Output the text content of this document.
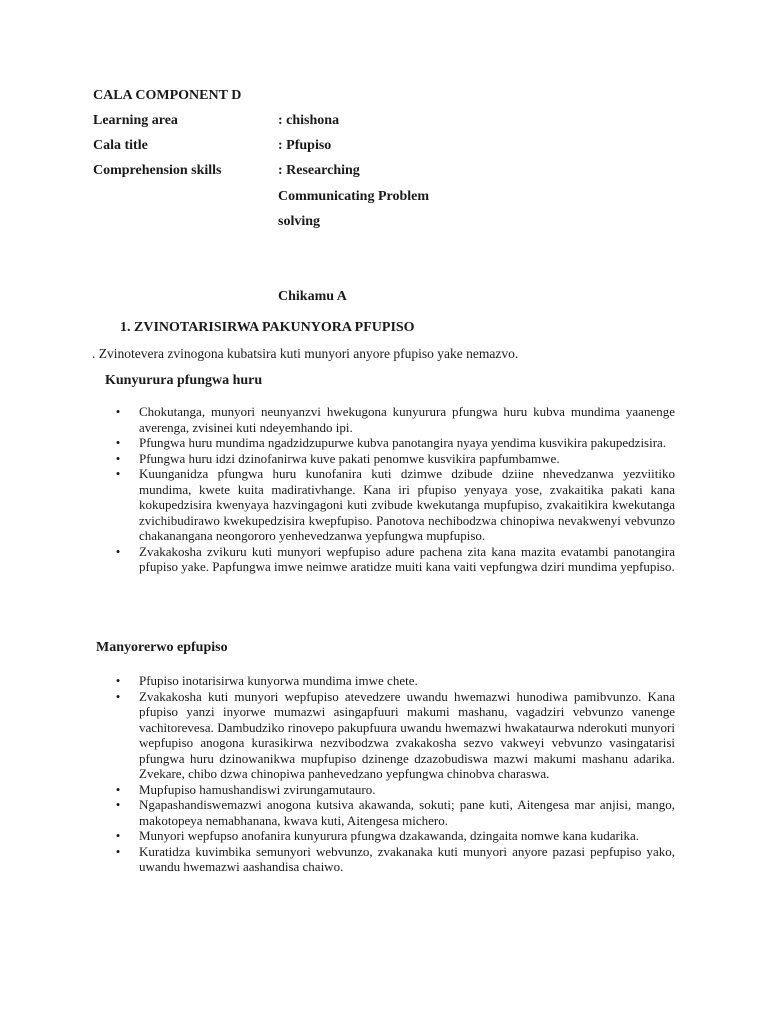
CALA COMPONENT D
Learning area	: chishona
Cala title	: Pfupiso
Comprehension skills	: Researching
Communicating Problem
solving
Chikamu A
1. ZVINOTARISIRWA PAKUNYORA PFUPISO
. Zvinotevera zvinogona kubatsira kuti munyori anyore pfupiso yake nemazvo.
Kunyurura pfungwa huru
• Chokutanga, munyori neunyanzvi hwekugona kunyurura pfungwa huru kubva mundima yaanenge averenga, zvisinei kuti ndeyemhando ipi.
• Pfungwa huru mundima ngadzidzupurwe kubva panotangira nyaya yendima kusvikira pakupedzisira.
• Pfungwa huru idzi dzinofanirwa kuve pakati penomwe kusvikira papfumbamwe.
• Kuunganidza pfungwa huru kunofanira kuti dzimwe dzibude dziine nhevedzanwa yezviitiko mundima, kwete kuita madirativhange. Kana iri pfupiso yenyaya yose, zvakaitika pakati kana kokupedzisira kwenyaya hazvingagoni kuti zvibude kwekutanga mupfupiso, zvakaitikira kwekutanga zvichibudirawo kwekupedzisira kwepfupiso. Panotova nechibodzwa chinopiwa nevakwenyi vebvunzo chakanangana neongororo yenhevedzanwa yepfungwa mupfupiso.
• Zvakakosha zvikuru kuti munyori wepfupiso adure pachena zita kana mazita evatambi panotangira pfupiso yake. Papfungwa imwe neimwe aratidze muiti kana vaiti vepfungwa dziri mundima yepfupiso.
Manyorerwo epfupiso
• Pfupiso inotarisirwa kunyorwa mundima imwe chete.
• Zvakakosha kuti munyori wepfupiso atevedzere uwandu hwemazwi hunodiwa pamibvunzo. Kana pfupiso yanzi inyorwe mumazwi asingapfuuri makumi mashanu, vagadziri vebvunzo vanenge vachitorevesa. Dambudziko rinovepo pakupfuura uwandu hwemazwi hwakataurwa nderokuti munyori wepfupiso anogona kurasikirwa nezvibodzwa zvakakosha sezvo vakweyi vebvunzo vasingatarisi pfungwa huru dzinowanikwa mupfupiso dzinenge dzazobudiswa mazwi makumi mashanu adarika. Zvekare, chibo dzwa chinopiwa panhevedzano yepfungwa chinobva charaswa.
• Mupfupiso hamushandiswi zvirungamutauro.
• Ngapashandiswemazwi anogona kutsiva akawanda, sokuti; pane kuti, Aitengesa mar anjisi, mango, makotopeya nemabhanana, kwava kuti, Aitengesa michero.
• Munyori wepfupso anofanira kunyurura pfungwa dzakawanda, dzingaita nomwe kana kudarika.
• Kuratidza kuvimbika semunyori webvunzo, zvakanaka kuti munyori anyore pazasi pepfupiso yako, uwandu hwemazwi aashandisa chaiwo.
